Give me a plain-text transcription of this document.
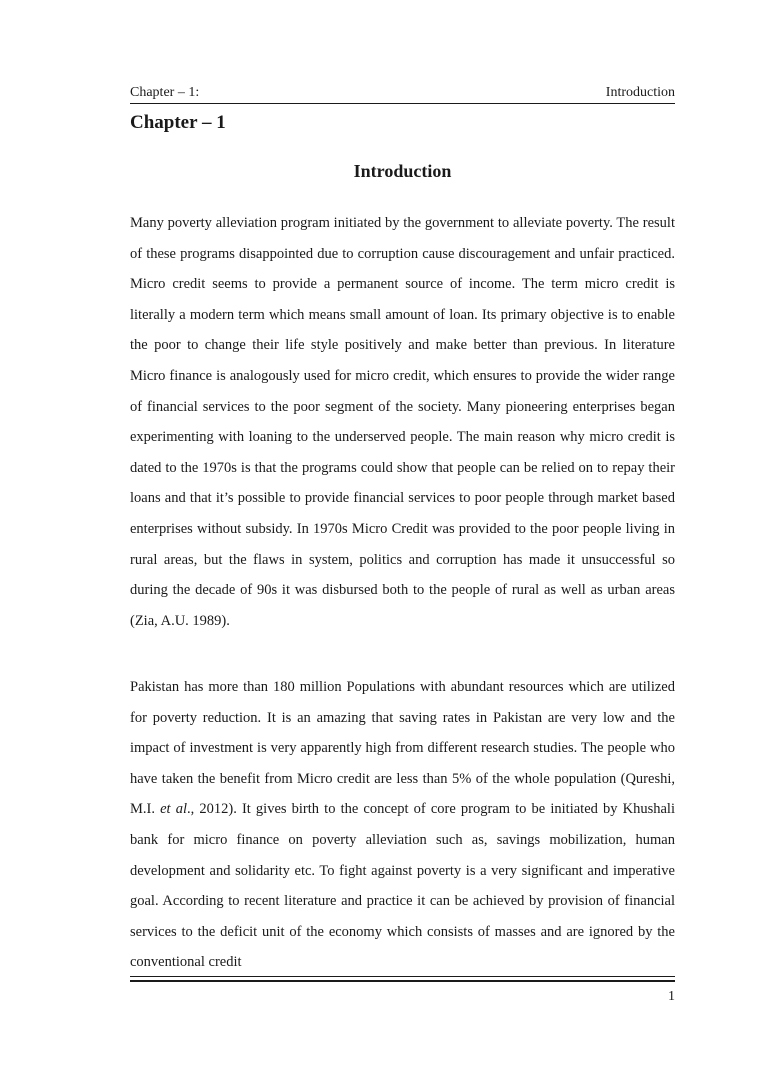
Chapter – 1:	Introduction
Chapter – 1
Introduction

Many poverty alleviation program initiated by the government to alleviate poverty. The result of these programs disappointed due to corruption cause discouragement and unfair practiced. Micro credit seems to provide a permanent source of income. The term micro credit is literally a modern term which means small amount of loan. Its primary objective is to enable the poor to change their life style positively and make better than previous. In literature Micro finance is analogously used for micro credit, which ensures to provide the wider range of financial services to the poor segment of the society. Many pioneering enterprises began experimenting with loaning to the underserved people. The main reason why micro credit is dated to the 1970s is that the programs could show that people can be relied on to repay their loans and that it’s possible to provide financial services to poor people through market based enterprises without subsidy. In 1970s Micro Credit was provided to the poor people living in rural areas, but the flaws in system, politics and corruption has made it unsuccessful so during the decade of 90s it was disbursed both to the people of rural as well as urban areas (Zia, A.U. 1989).

Pakistan has more than 180 million Populations with abundant resources which are utilized for poverty reduction. It is an amazing that saving rates in Pakistan are very low and the impact of investment is very apparently high from different research studies. The people who have taken the benefit from Micro credit are less than 5% of the whole population (Qureshi, M.I. et al., 2012). It gives birth to the concept of core program to be initiated by Khushali bank for micro finance on poverty alleviation such as, savings mobilization, human development and solidarity etc. To fight against poverty is a very significant and imperative goal. According to recent literature and practice it can be achieved by provision of financial services to the deficit unit of the economy which consists of masses and are ignored by the conventional credit

1
